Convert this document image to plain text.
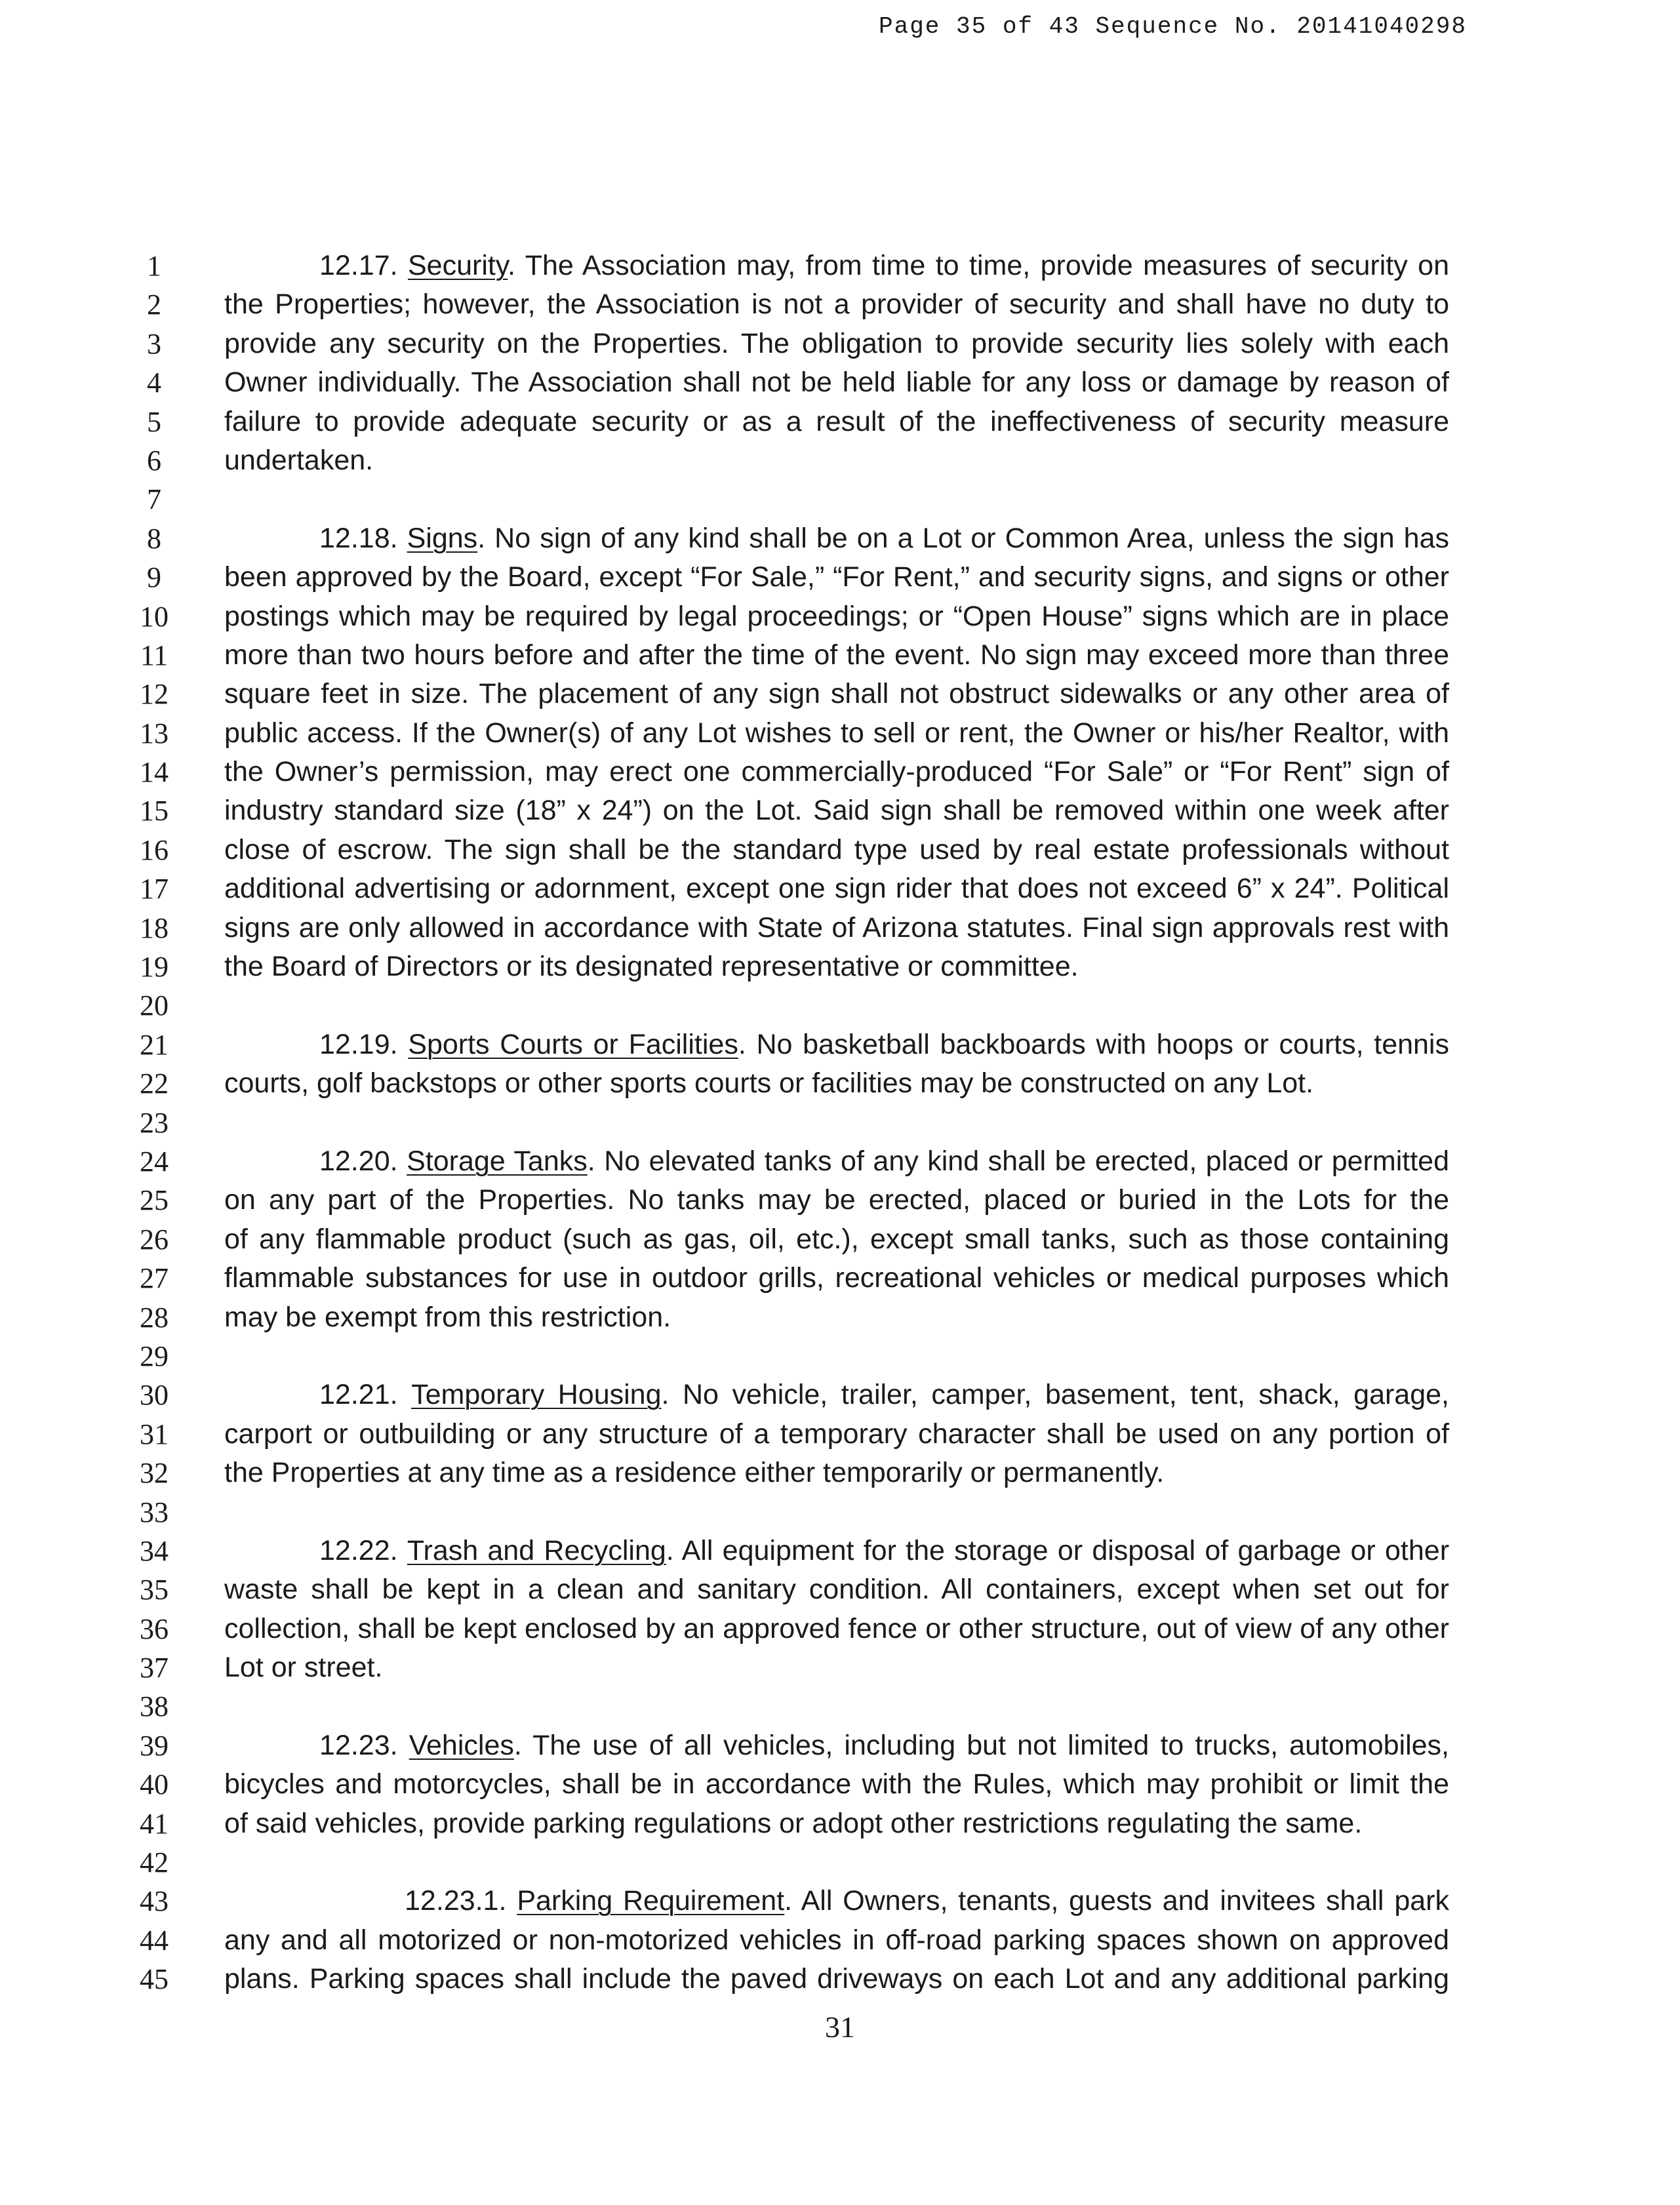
Page 35 of 43 Sequence No. 20141040298
1
2
3
4
5
6
7
8
9
10
11
12
13
14
15
16
17
18
19
20
21
22
23
24
25
26
27
28
29
30
31
32
33
34
35
36
37
38
39
40
41
42
43
44
45
12.17. Security. The Association may, from time to time, provide measures of security on
the Properties; however, the Association is not a provider of security and shall have no duty to
provide any security on the Properties. The obligation to provide security lies solely with each
Owner individually. The Association shall not be held liable for any loss or damage by reason of
failure to provide adequate security or as a result of the ineffectiveness of security measure
undertaken.
12.18. Signs. No sign of any kind shall be on a Lot or Common Area, unless the sign has
been approved by the Board, except “For Sale,” “For Rent,” and security signs, and signs or other
postings which may be required by legal proceedings; or “Open House” signs which are in place
more than two hours before and after the time of the event. No sign may exceed more than three
square feet in size. The placement of any sign shall not obstruct sidewalks or any other area of
public access. If the Owner(s) of any Lot wishes to sell or rent, the Owner or his/her Realtor, with
the Owner’s permission, may erect one commercially-produced “For Sale” or “For Rent” sign of
industry standard size (18” x 24”) on the Lot. Said sign shall be removed within one week after
close of escrow. The sign shall be the standard type used by real estate professionals without
additional advertising or adornment, except one sign rider that does not exceed 6” x 24”. Political
signs are only allowed in accordance with State of Arizona statutes. Final sign approvals rest with
the Board of Directors or its designated representative or committee.
12.19. Sports Courts or Facilities. No basketball backboards with hoops or courts, tennis
courts, golf backstops or other sports courts or facilities may be constructed on any Lot.
12.20. Storage Tanks. No elevated tanks of any kind shall be erected, placed or permitted
on any part of the Properties. No tanks may be erected, placed or buried in the Lots for the
of any flammable product (such as gas, oil, etc.), except small tanks, such as those containing
flammable substances for use in outdoor grills, recreational vehicles or medical purposes which
may be exempt from this restriction.
12.21. Temporary Housing. No vehicle, trailer, camper, basement, tent, shack, garage,
carport or outbuilding or any structure of a temporary character shall be used on any portion of
the Properties at any time as a residence either temporarily or permanently.
12.22. Trash and Recycling. All equipment for the storage or disposal of garbage or other
waste shall be kept in a clean and sanitary condition. All containers, except when set out for
collection, shall be kept enclosed by an approved fence or other structure, out of view of any other
Lot or street.
12.23. Vehicles. The use of all vehicles, including but not limited to trucks, automobiles,
bicycles and motorcycles, shall be in accordance with the Rules, which may prohibit or limit the
of said vehicles, provide parking regulations or adopt other restrictions regulating the same.
12.23.1. Parking Requirement. All Owners, tenants, guests and invitees shall park
any and all motorized or non-motorized vehicles in off-road parking spaces shown on approved
plans. Parking spaces shall include the paved driveways on each Lot and any additional parking
31
